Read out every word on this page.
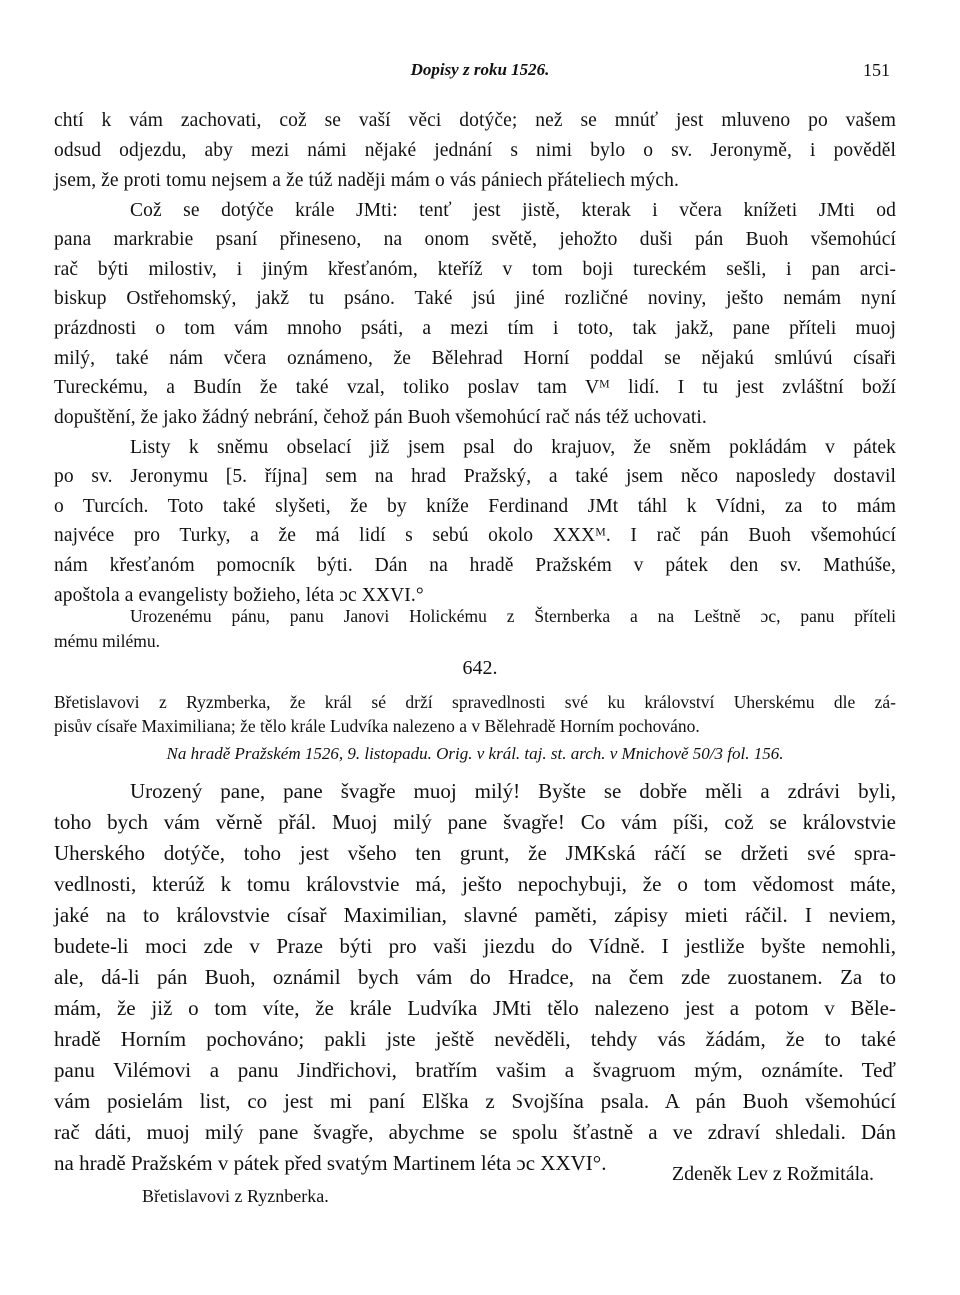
Dopisy z roku 1526.	151
chtí k vám zachovati, což se vaší věci dotýče; než se mnúť jest mluveno po vašem
odsud odjezdu, aby mezi námi nějaké jednání s nimi bylo o sv. Jeronymě, i pověděl
jsem, že proti tomu nejsem a že túž naději mám o vás pániech přáteliech mých.
Což se dotýče krále JMti: tenť jest jistě, kterak i včera knížeti JMti od
pana markrabie psaní přineseno, na onom světě, jehožto duši pán Buoh všemohúcí
rač býti milostiv, i jiným křesťanóm, kteříž v tom boji tureckém sešli, i pan arci-
biskup Ostřehomský, jakž tu psáno. Také jsú jiné rozličné noviny, ješto nemám nyní
prázdnosti o tom vám mnoho psáti, a mezi tím i toto, tak jakž, pane příteli muoj
milý, také nám včera oznámeno, že Bělehrad Horní poddal se nějakú smlúvú císaři
Tureckému, a Budín že také vzal, toliko poslav tam Vᴹ lidí. I tu jest zvláštní boží
dopuštění, že jako žádný nebrání, čehož pán Buoh všemohúcí rač nás též uchovati.
Listy k sněmu obselací již jsem psal do krajuov, že sněm pokládám v pátek
po sv. Jeronymu [5. října] sem na hrad Pražský, a také jsem něco naposledy dostavil
o Turcích. Toto také slyšeti, že by kníže Ferdinand JMt táhl k Vídni, za to mám
najvéce pro Turky, a že má lidí s sebú okolo XXXᴹ. I rač pán Buoh všemohúcí
nám křesťanóm pomocník býti. Dán na hradě Pražském v pátek den sv. Mathúše,
apoštola a evangelisty božieho, léta ɔc XXVI.°
Urozenému pánu, panu Janovi Holickému z Šternberka a na Leštně ɔc, panu příteli
mému milému.
642.
Břetislavovi z Ryzmberka, že král sé drží spravedlnosti své ku království Uherskému dle zá-
pisův císaře Maximiliana; že tělo krále Ludvíka nalezeno a v Bělehradě Horním pochováno.
Na hradě Pražském 1526, 9. listopadu. Orig. v král. taj. st. arch. v Mnichově 50/3 fol. 156.
Urozený pane, pane švagře muoj milý! Byšte se dobře měli a zdrávi byli,
toho bych vám věrně přál. Muoj milý pane švagře! Co vám píši, což se královstvie
Uherského dotýče, toho jest všeho ten grunt, že JMKská ráčí se držeti své spra-
vedlnosti, kterúž k tomu královstvie má, ješto nepochybuji, že o tom vědomost máte,
jaké na to královstvie císař Maximilian, slavné paměti, zápisy mieti ráčil. I neviem,
budete-li moci zde v Praze býti pro vaši jiezdu do Vídně. I jestliže byšte nemohli,
ale, dá-li pán Buoh, oznámil bych vám do Hradce, na čem zde zuostanem. Za to
mám, že již o tom víte, že krále Ludvíka JMti tělo nalezeno jest a potom v Běle-
hradě Horním pochováno; pakli jste ještě nevěděli, tehdy vás žádám, že to také
panu Vilémovi a panu Jindřichovi, bratřím vašim a švagruom mým, oznámíte. Teď
vám posielám list, co jest mi paní Elška z Svojšína psala. A pán Buoh všemohúcí
rač dáti, muoj milý pane švagře, abychme se spolu šťastně a ve zdraví shledali. Dán
na hradě Pražském v pátek před svatým Martinem léta ɔc XXVI°.	Zdeněk Lev z Rožmitála.
Břetislavovi z Ryznberka.
